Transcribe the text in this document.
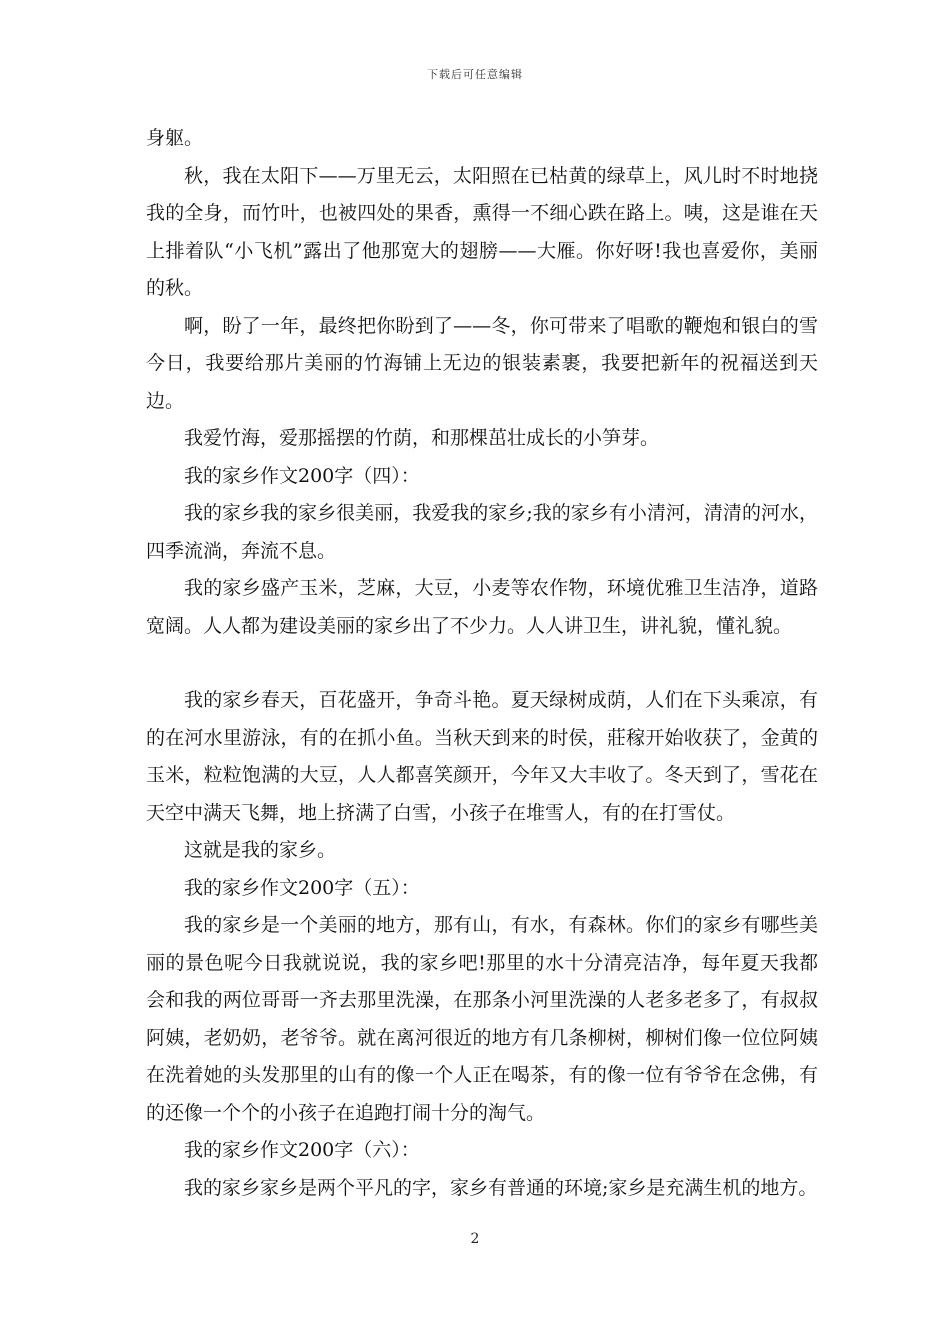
下载后可任意编辑

身躯。

秋，我在太阳下——万里无云，太阳照在已枯黄的绿草上，风儿时不时地挠我的全身，而竹叶，也被四处的果香，熏得一不细心跌在路上。咦，这是谁在天上排着队“小飞机”露出了他那宽大的翅膀——大雁。你好呀!我也喜爱你，美丽的秋。

啊，盼了一年，最终把你盼到了——冬，你可带来了唱歌的鞭炮和银白的雪今日，我要给那片美丽的竹海铺上无边的银装素裹，我要把新年的祝福送到天边。

我爱竹海，爱那摇摆的竹荫，和那棵茁壮成长的小笋芽。

我的家乡作文200字（四）：

我的家乡我的家乡很美丽，我爱我的家乡;我的家乡有小清河，清清的河水，四季流淌，奔流不息。

我的家乡盛产玉米，芝麻，大豆，小麦等农作物，环境优雅卫生洁净，道路宽阔。人人都为建设美丽的家乡出了不少力。人人讲卫生，讲礼貌，懂礼貌。

我的家乡春天，百花盛开，争奇斗艳。夏天绿树成荫，人们在下头乘凉，有的在河水里游泳，有的在抓小鱼。当秋天到来的时侯，莊稼开始收获了，金黄的玉米，粒粒饱满的大豆，人人都喜笑颜开，今年又大丰收了。冬天到了，雪花在天空中满天飞舞，地上挤满了白雪，小孩子在堆雪人，有的在打雪仗。

这就是我的家乡。

我的家乡作文200字（五）：

我的家乡是一个美丽的地方，那有山，有水，有森林。你们的家乡有哪些美丽的景色呢今日我就说说，我的家乡吧!那里的水十分清亮洁净，每年夏天我都会和我的两位哥哥一齐去那里洗澡，在那条小河里洗澡的人老多老多了，有叔叔阿姨，老奶奶，老爷爷。就在离河很近的地方有几条柳树，柳树们像一位位阿姨在洗着她的头发那里的山有的像一个人正在喝茶，有的像一位有爷爷在念佛，有的还像一个个的小孩子在追跑打闹十分的淘气。

我的家乡作文200字（六）：

我的家乡家乡是两个平凡的字，家乡有普通的环境;家乡是充满生机的地方。

2
